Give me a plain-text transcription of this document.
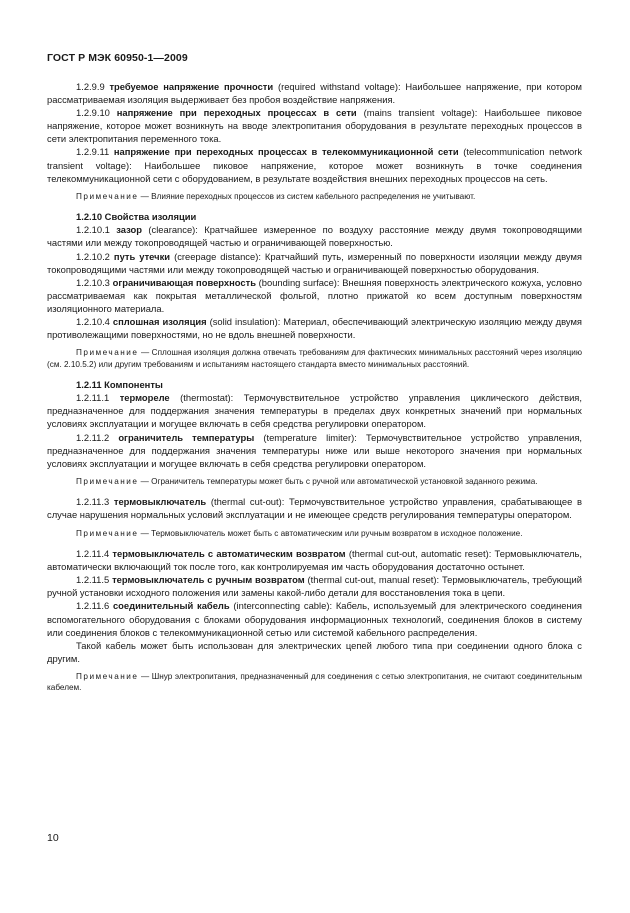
ГОСТ Р МЭК 60950-1—2009

1.2.9.9 требуемое напряжение прочности (required withstand voltage): Наибольшее напряжение, при котором рассматриваемая изоляция выдерживает без пробоя воздействие напряжения.

1.2.9.10 напряжение при переходных процессах в сети (mains transient voltage): Наибольшее пиковое напряжение, которое может возникнуть на вводе электропитания оборудования в результате переходных процессов в сети электропитания переменного тока.

1.2.9.11 напряжение при переходных процессах в телекоммуникационной сети (telecommunication network transient voltage): Наибольшее пиковое напряжение, которое может возникнуть в точке соединения телекоммуникационной сети с оборудованием, в результате воздействия внешних переходных процессов на сеть.

Примечание — Влияние переходных процессов из систем кабельного распределения не учитывают.

1.2.10 Свойства изоляции

1.2.10.1 зазор (clearance): Кратчайшее измеренное по воздуху расстояние между двумя токопроводящими частями или между токопроводящей частью и ограничивающей поверхностью.

1.2.10.2 путь утечки (creepage distance): Кратчайший путь, измеренный по поверхности изоляции между двумя токопроводящими частями или между токопроводящей частью и ограничивающей поверхностью оборудования.

1.2.10.3 ограничивающая поверхность (bounding surface): Внешняя поверхность электрического кожуха, условно рассматриваемая как покрытая металлической фольгой, плотно прижатой ко всем доступным поверхностям изоляционного материала.

1.2.10.4 сплошная изоляция (solid insulation): Материал, обеспечивающий электрическую изоляцию между двумя противолежащими поверхностями, но не вдоль внешней поверхности.

Примечание — Сплошная изоляция должна отвечать требованиям для фактических минимальных расстояний через изоляцию (см. 2.10.5.2) или другим требованиям и испытаниям настоящего стандарта вместо минимальных расстояний.

1.2.11 Компоненты

1.2.11.1 термореле (thermostat): Термочувствительное устройство управления циклического действия, предназначенное для поддержания значения температуры в пределах двух конкретных значений при нормальных условиях эксплуатации и могущее включать в себя средства регулировки оператором.

1.2.11.2 ограничитель температуры (temperature limiter): Термочувствительное устройство управления, предназначенное для поддержания значения температуры ниже или выше некоторого значения при нормальных условиях эксплуатации и могущее включать в себя средства регулировки оператором.

Примечание — Ограничитель температуры может быть с ручной или автоматической установкой заданного режима.

1.2.11.3 термовыключатель (thermal cut-out): Термочувствительное устройство управления, срабатывающее в случае нарушения нормальных условий эксплуатации и не имеющее средств регулирования температуры оператором.

Примечание — Термовыключатель может быть с автоматическим или ручным возвратом в исходное положение.

1.2.11.4 термовыключатель с автоматическим возвратом (thermal cut-out, automatic reset): Термовыключатель, автоматически включающий ток после того, как контролируемая им часть оборудования достаточно остынет.

1.2.11.5 термовыключатель с ручным возвратом (thermal cut-out, manual reset): Термовыключатель, требующий ручной установки исходного положения или замены какой-либо детали для восстановления тока в цепи.

1.2.11.6 соединительный кабель (interconnecting cable): Кабель, используемый для электрического соединения вспомогательного оборудования с блоками оборудования информационных технологий, соединения блоков в систему или соединения блоков с телекоммуникационной сетью или системой кабельного распределения.

Такой кабель может быть использован для электрических цепей любого типа при соединении одного блока с другим.

Примечание — Шнур электропитания, предназначенный для соединения с сетью электропитания, не считают соединительным кабелем.

10
